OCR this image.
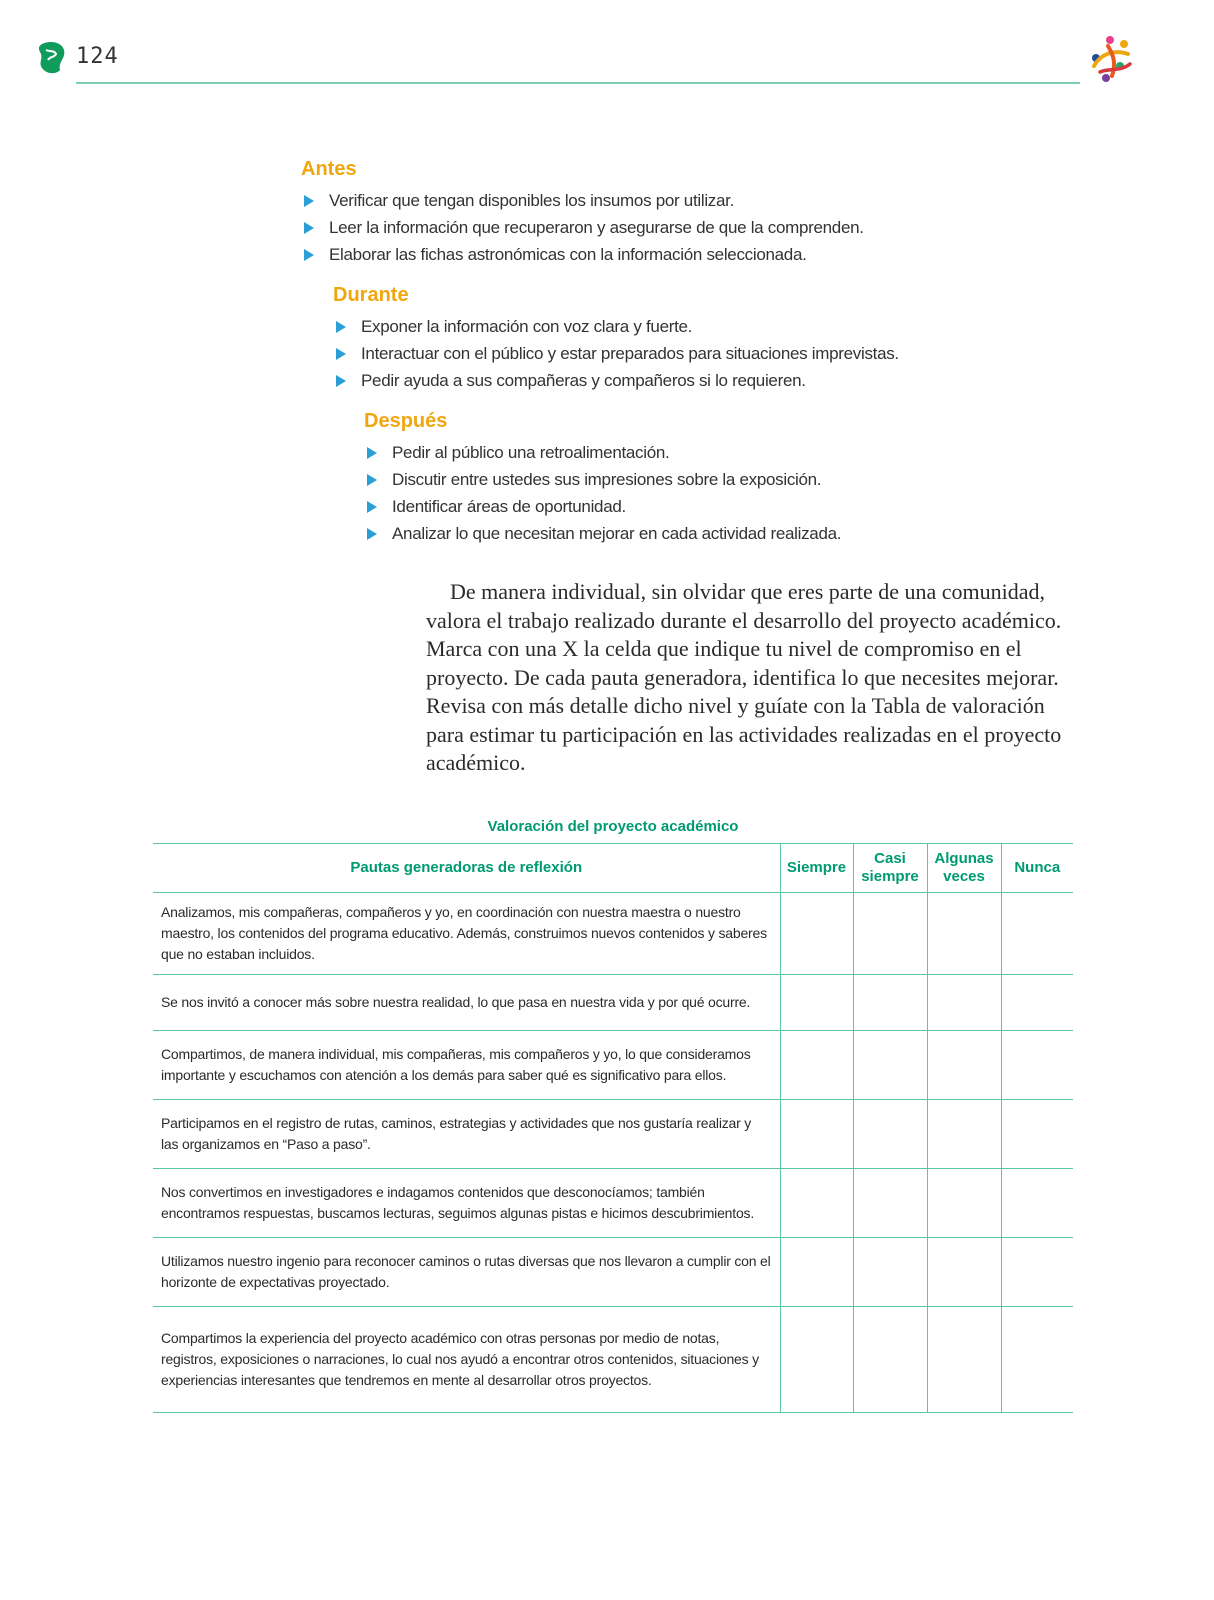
124
Antes
Verificar que tengan disponibles los insumos por utilizar.
Leer la información que recuperaron y asegurarse de que la comprenden.
Elaborar las fichas astronómicas con la información seleccionada.
Durante
Exponer la información con voz clara y fuerte.
Interactuar con el público y estar preparados para situaciones imprevistas.
Pedir ayuda a sus compañeras y compañeros si lo requieren.
Después
Pedir al público una retroalimentación.
Discutir entre ustedes sus impresiones sobre la exposición.
Identificar áreas de oportunidad.
Analizar lo que necesitan mejorar en cada actividad realizada.

De manera individual, sin olvidar que eres parte de una comunidad, valora el trabajo realizado durante el desarrollo del proyecto académico. Marca con una X la celda que indique tu nivel de compromiso en el proyecto. De cada pauta generadora, identifica lo que necesites mejorar. Revisa con más detalle dicho nivel y guíate con la Tabla de valoración para estimar tu participación en las actividades realizadas en el proyecto académico.

Valoración del proyecto académico
Pautas generadoras de reflexión	Siempre	Casi siempre	Algunas veces	Nunca
Analizamos, mis compañeras, compañeros y yo, en coordinación con nuestra maestra o nuestro maestro, los contenidos del programa educativo. Además, construimos nuevos contenidos y saberes que no estaban incluidos.				
Se nos invitó a conocer más sobre nuestra realidad, lo que pasa en nuestra vida y por qué ocurre.				
Compartimos, de manera individual, mis compañeras, mis compañeros y yo, lo que consideramos importante y escuchamos con atención a los demás para saber qué es significativo para ellos.				
Participamos en el registro de rutas, caminos, estrategias y actividades que nos gustaría realizar y las organizamos en “Paso a paso”.				
Nos convertimos en investigadores e indagamos contenidos que desconocíamos; también encontramos respuestas, buscamos lecturas, seguimos algunas pistas e hicimos descubrimientos.				
Utilizamos nuestro ingenio para reconocer caminos o rutas diversas que nos llevaron a cumplir con el horizonte de expectativas proyectado.				
Compartimos la experiencia del proyecto académico con otras personas por medio de notas, registros, exposiciones o narraciones, lo cual nos ayudó a encontrar otros contenidos, situaciones y experiencias interesantes que tendremos en mente al desarrollar otros proyectos.				
